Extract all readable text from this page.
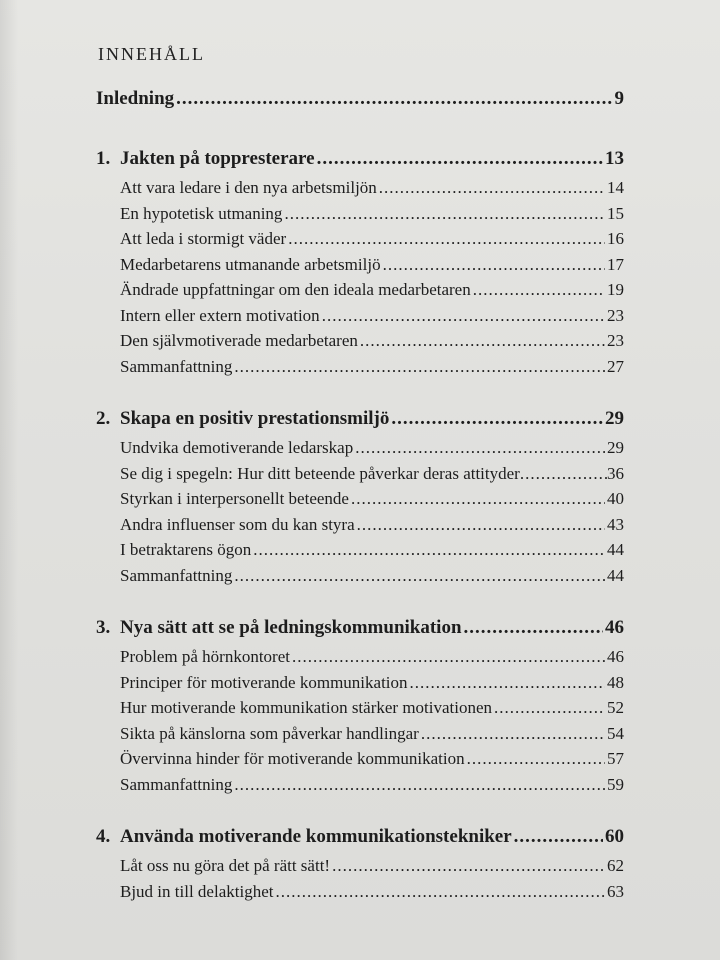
INNEHÅLL
Inledning .....	9
1. Jakten på toppresterare .....	13
Att vara ledare i den nya arbetsmiljön .....	14
En hypotetisk utmaning .....	15
Att leda i stormigt väder .....	16
Medarbetarens utmanande arbetsmiljö .....	17
Ändrade uppfattningar om den ideala medarbetaren .....	19
Intern eller extern motivation .....	23
Den självmotiverade medarbetaren .....	23
Sammanfattning .....	27
2. Skapa en positiv prestationsmiljö .....	29
Undvika demotiverande ledarskap .....	29
Se dig i spegeln: Hur ditt beteende påverkar deras attityder .....	36
Styrkan i interpersonellt beteende .....	40
Andra influenser som du kan styra .....	43
I betraktarens ögon .....	44
Sammanfattning .....	44
3. Nya sätt att se på ledningskommunikation .....	46
Problem på hörnkontoret .....	46
Principer för motiverande kommunikation .....	48
Hur motiverande kommunikation stärker motivationen .....	52
Sikta på känslorna som påverkar handlingar .....	54
Övervinna hinder för motiverande kommunikation .....	57
Sammanfattning .....	59
4. Använda motiverande kommunikationstekniker .....	60
Låt oss nu göra det på rätt sätt! .....	62
Bjud in till delaktighet .....	63
